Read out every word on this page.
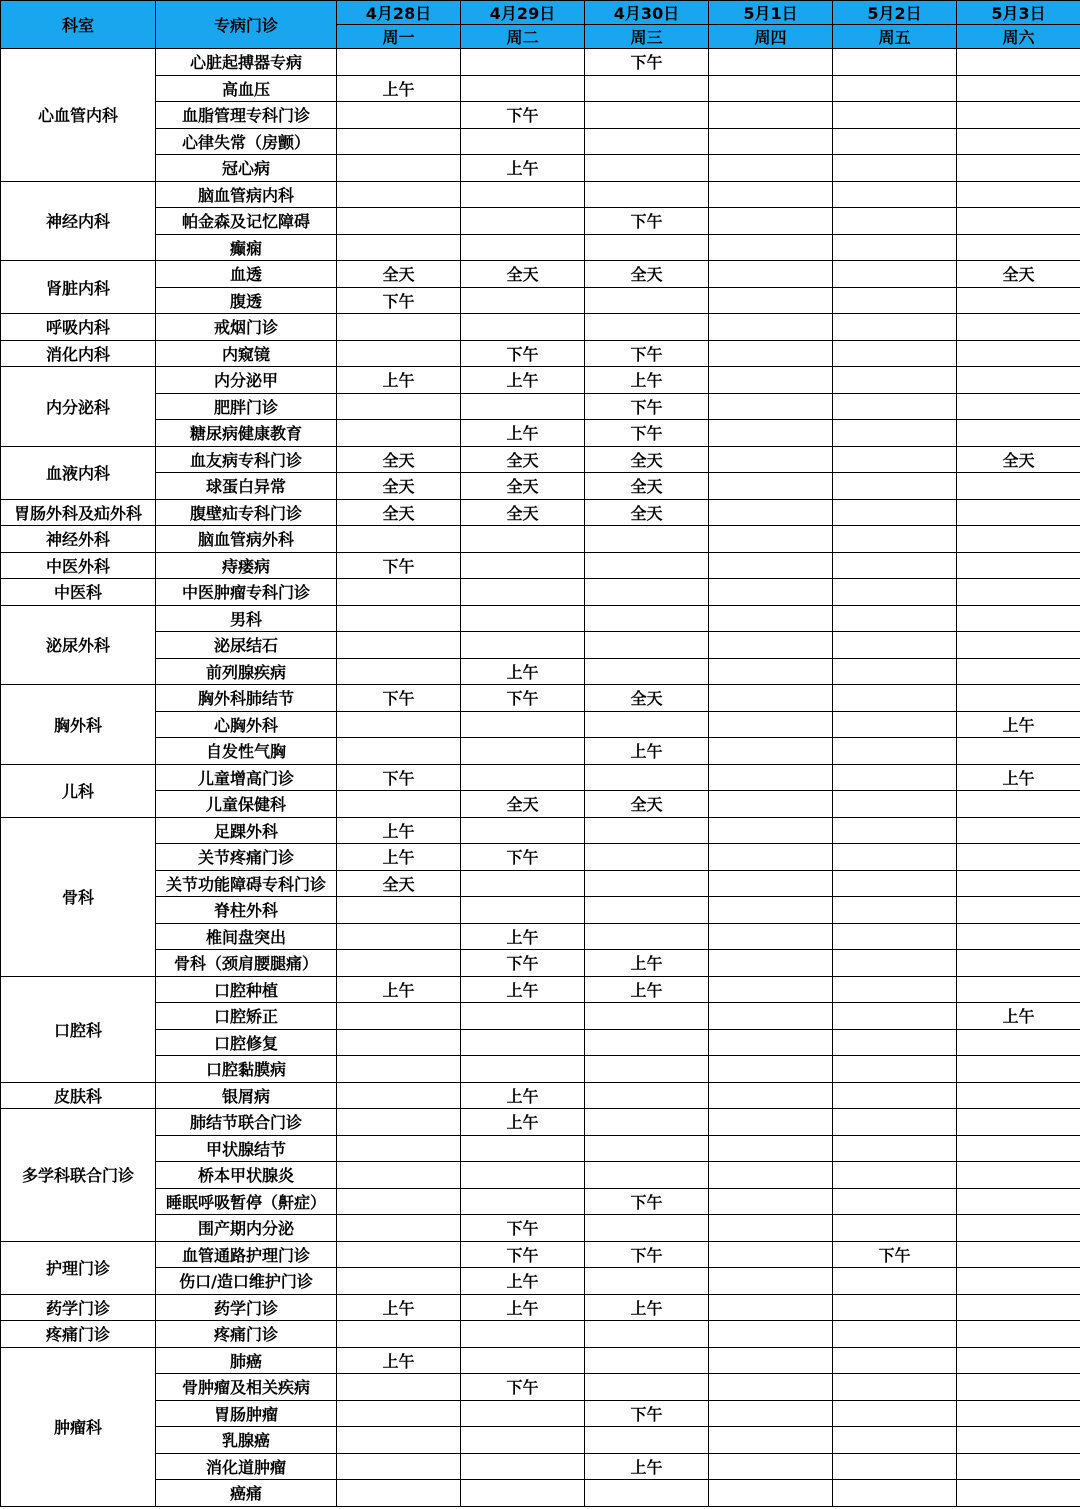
科室	专病门诊	4月28日	4月29日	4月30日	5月1日	5月2日	5月3日
		周一	周二	周三	周四	周五	周六
心血管内科	心脏起搏器专病			下午			
	高血压	上午					
	血脂管理专科门诊		下午				
	心律失常（房颤）						
	冠心病		上午				
神经内科	脑血管病内科						
	帕金森及记忆障碍			下午			
	癫痫						
肾脏内科	血透	全天	全天	全天			全天
	腹透	下午					
呼吸内科	戒烟门诊						
消化内科	内窥镜		下午	下午			
内分泌科	内分泌甲	上午	上午	上午			
	肥胖门诊			下午			
	糖尿病健康教育		上午	下午			
血液内科	血友病专科门诊	全天	全天	全天			全天
	球蛋白异常	全天	全天	全天			
胃肠外科及疝外科	腹壁疝专科门诊	全天	全天	全天			
神经外科	脑血管病外科						
中医外科	痔瘘病	下午					
中医科	中医肿瘤专科门诊						
泌尿外科	男科						
	泌尿结石						
	前列腺疾病		上午				
胸外科	胸外科肺结节	下午	下午	全天			
	心胸外科						上午
	自发性气胸			上午			
儿科	儿童增高门诊	下午					上午
	儿童保健科		全天	全天			
骨科	足踝外科	上午					
	关节疼痛门诊	上午	下午				
	关节功能障碍专科门诊	全天					
	脊柱外科						
	椎间盘突出		上午				
	骨科（颈肩腰腿痛）		下午	上午			
口腔科	口腔种植	上午	上午	上午			
	口腔矫正						上午
	口腔修复						
	口腔黏膜病						
皮肤科	银屑病		上午				
多学科联合门诊	肺结节联合门诊		上午				
	甲状腺结节						
	桥本甲状腺炎						
	睡眠呼吸暂停（鼾症）			下午			
	围产期内分泌		下午				
护理门诊	血管通路护理门诊		下午	下午		下午	
	伤口/造口维护门诊		上午				
药学门诊	药学门诊	上午	上午	上午			
疼痛门诊	疼痛门诊						
肿瘤科	肺癌	上午					
	骨肿瘤及相关疾病		下午				
	胃肠肿瘤			下午			
	乳腺癌						
	消化道肿瘤			上午			
	癌痛						
